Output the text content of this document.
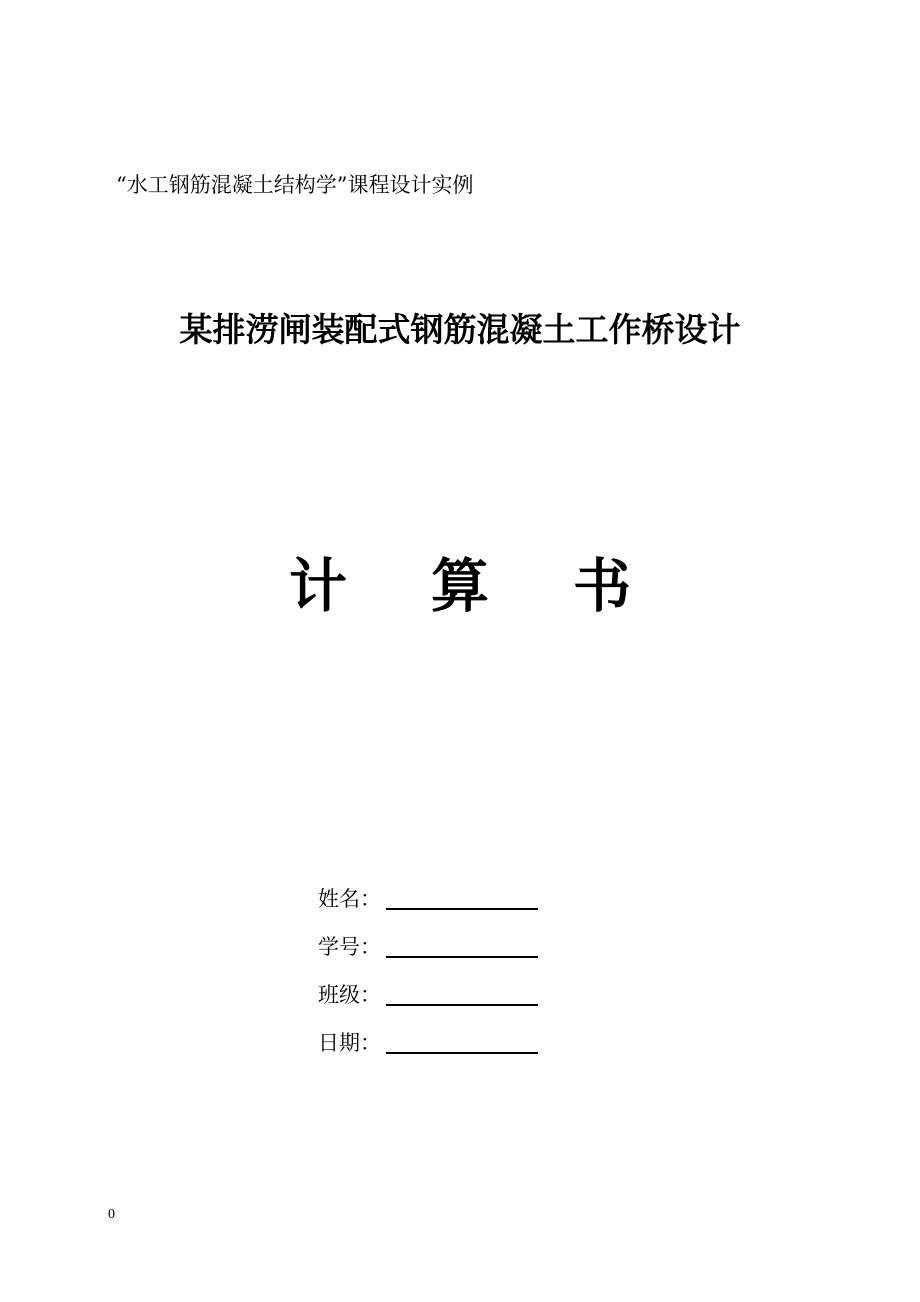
“水工钢筋混凝土结构学”课程设计实例
某排涝闸装配式钢筋混凝土工作桥设计
计 算 书
姓名：
学号：
班级：
日期：
0
